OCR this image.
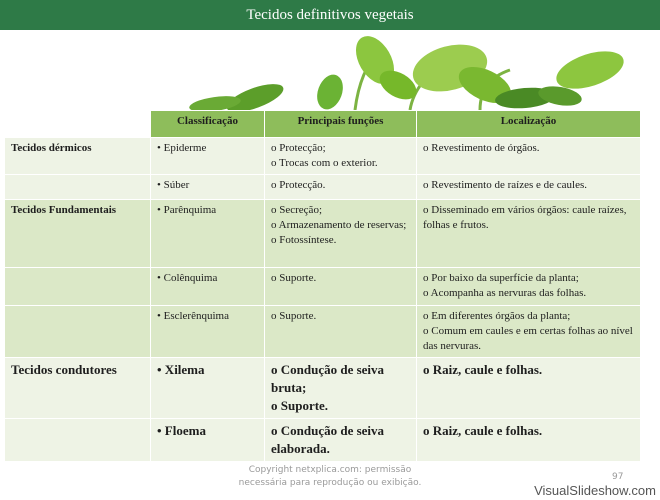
Tecidos definitivos vegetais
	Classificação	Principais funções	Localização
Tecidos dérmicos	• Epiderme	o Protecção;
o Trocas com o exterior.	o Revestimento de órgãos.

	• Súber	o Protecção.	o Revestimento de raízes e de caules.

Tecidos Fundamentais	• Parênquima	o Secreção;
o Armazenamento de reservas;
o Fotossíntese.	o Disseminado em vários órgãos: caule raízes, folhas e frutos.

	• Colênquima	o Suporte.	o Por baixo da superfície da planta;
o Acompanha as nervuras das folhas.

	• Esclerênquima	o Suporte.	o Em diferentes órgãos da planta;
o Comum em caules e em certas folhas ao nível das nervuras.

Tecidos condutores	• Xilema	o Condução de seiva bruta;
o Suporte.	o Raiz, caule e folhas.

	• Floema	o Condução de seiva elaborada.	o Raiz, caule e folhas.
Copyright netxplica.com: permissão
necessária para reprodução ou exibição.
97
VisualSlideshow.com
